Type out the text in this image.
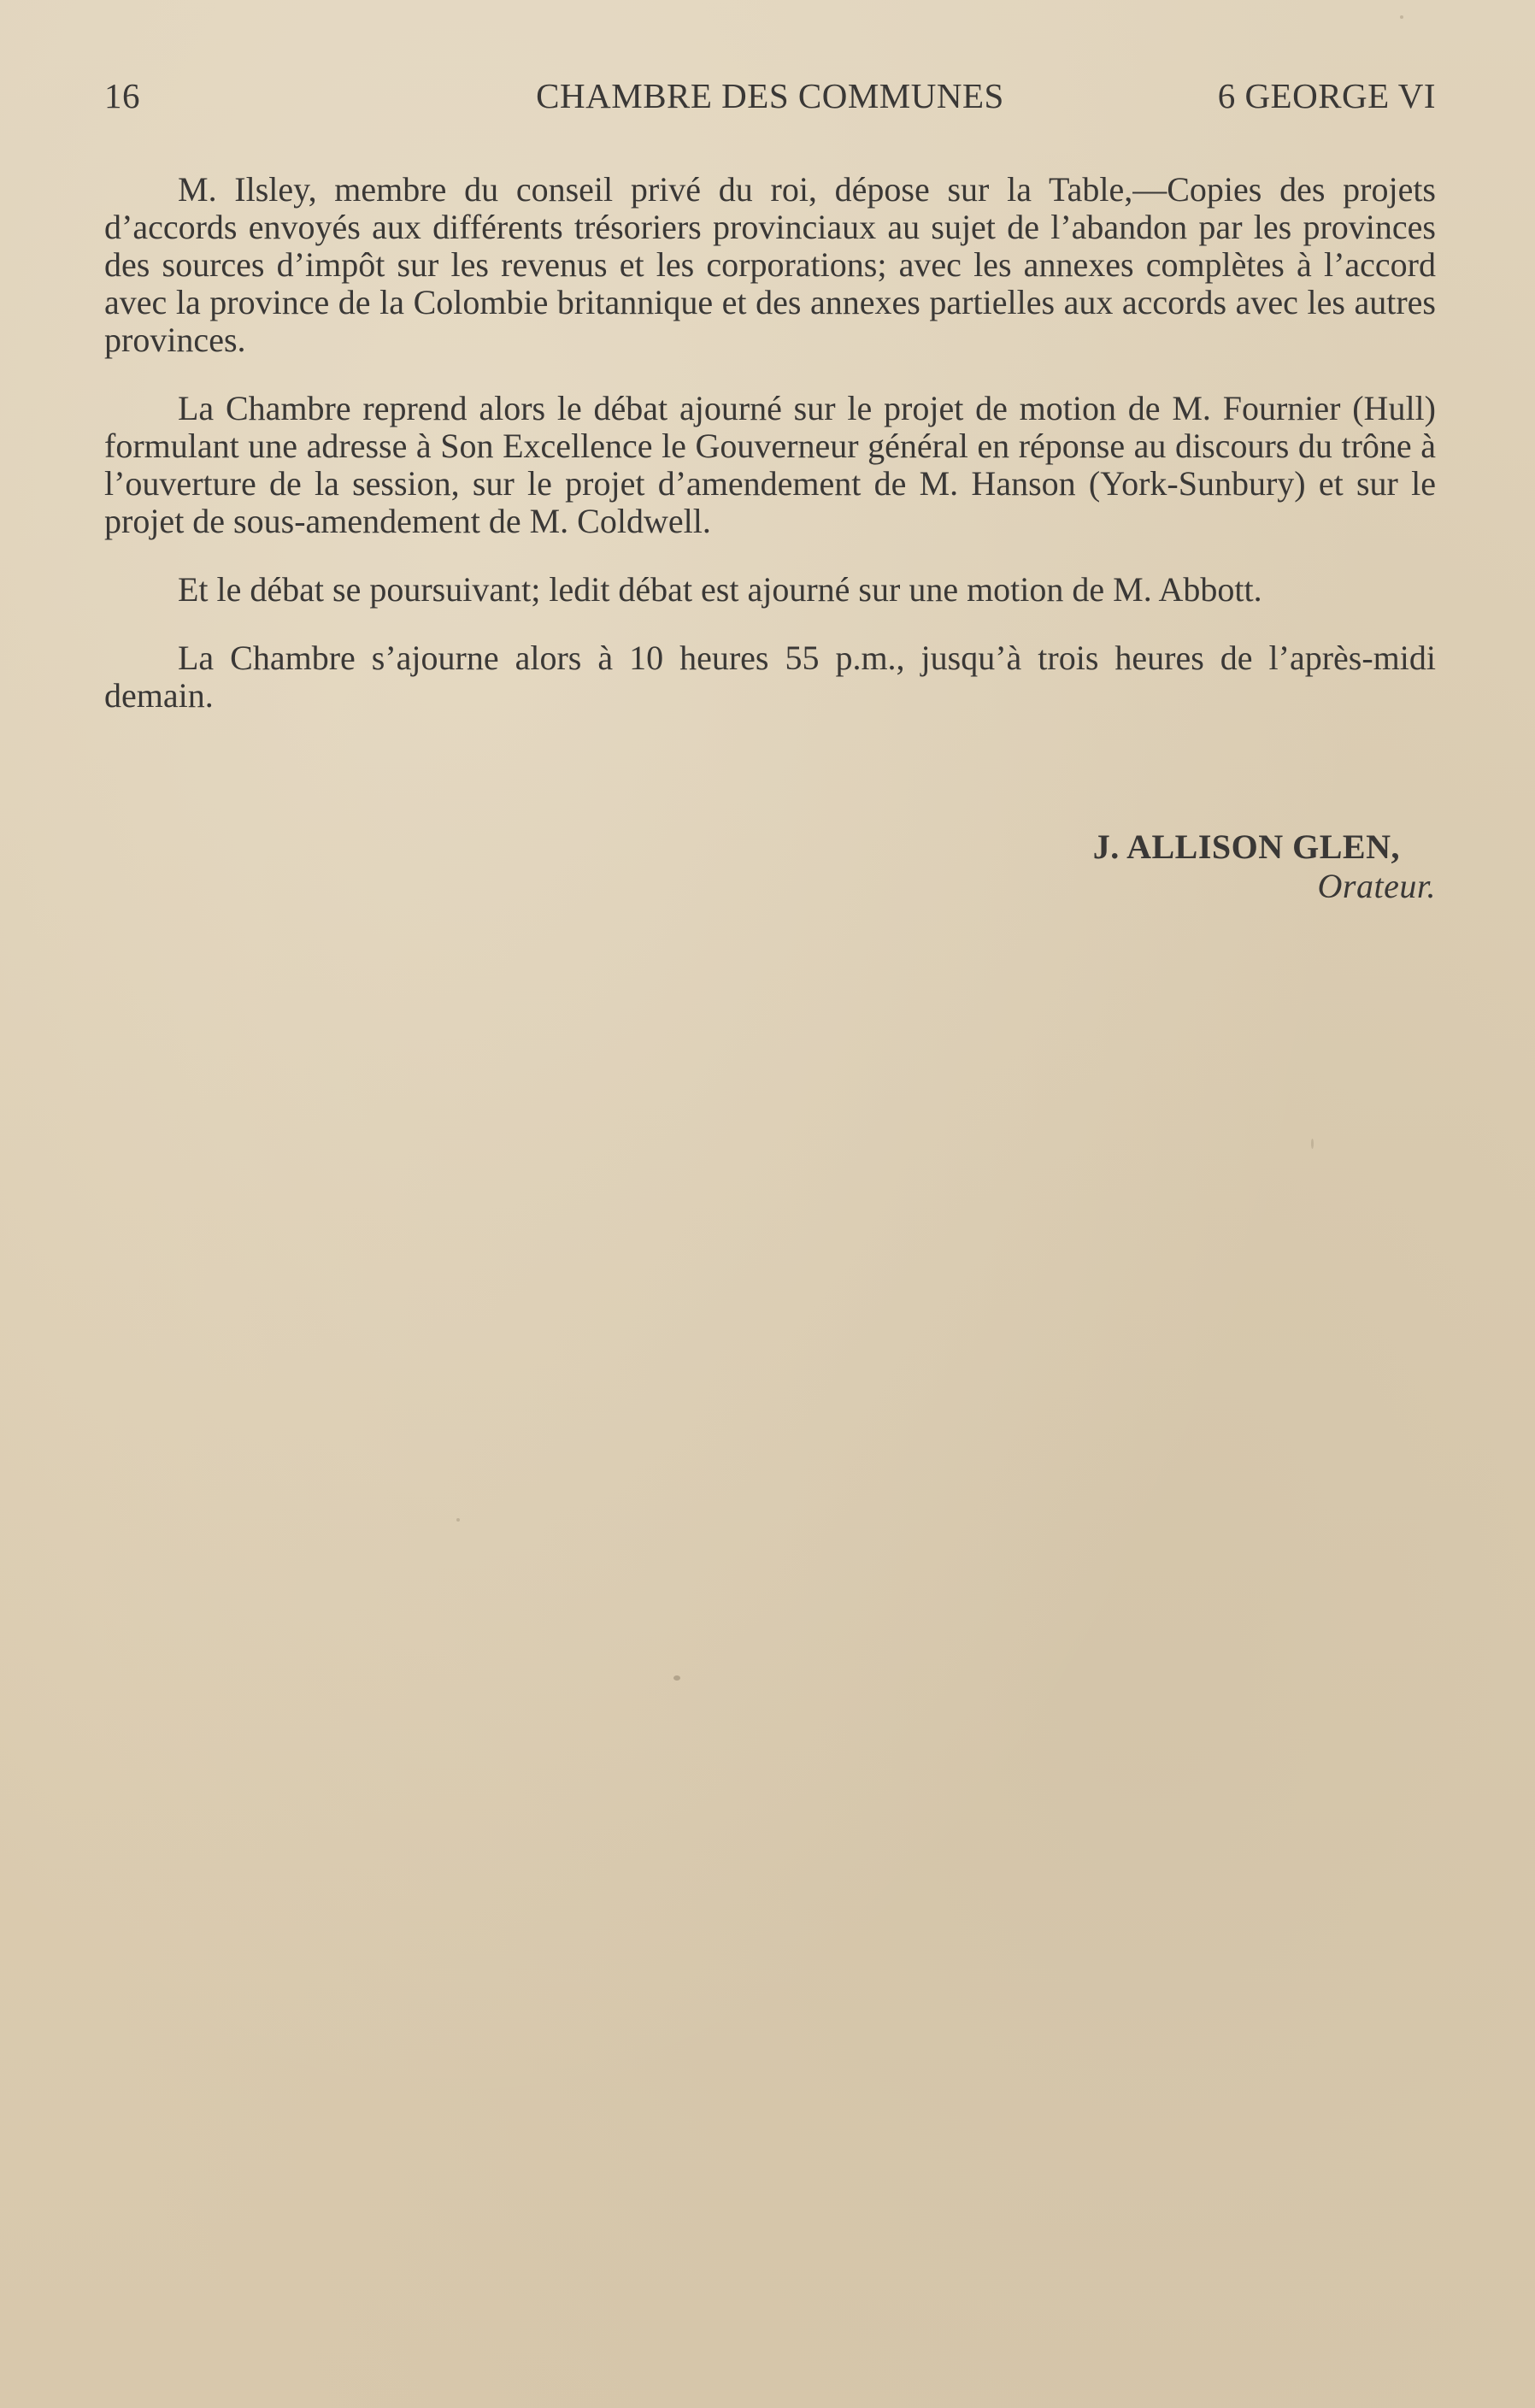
16	CHAMBRE DES COMMUNES	6 GEORGE VI

M. Ilsley, membre du conseil privé du roi, dépose sur la Table,—Copies des projets d’accords envoyés aux différents trésoriers provinciaux au sujet de l’abandon par les provinces des sources d’impôt sur les revenus et les corporations; avec les annexes complètes à l’accord avec la province de la Colombie britannique et des annexes partielles aux accords avec les autres provinces.

La Chambre reprend alors le débat ajourné sur le projet de motion de M. Fournier (Hull) formulant une adresse à Son Excellence le Gouverneur général en réponse au discours du trône à l’ouverture de la session, sur le projet d’amendement de M. Hanson (York-Sunbury) et sur le projet de sous-amendement de M. Coldwell.

Et le débat se poursuivant; ledit débat est ajourné sur une motion de M. Abbott.

La Chambre s’ajourne alors à 10 heures 55 p.m., jusqu’à trois heures de l’après-midi demain.

J. ALLISON GLEN,
Orateur.
